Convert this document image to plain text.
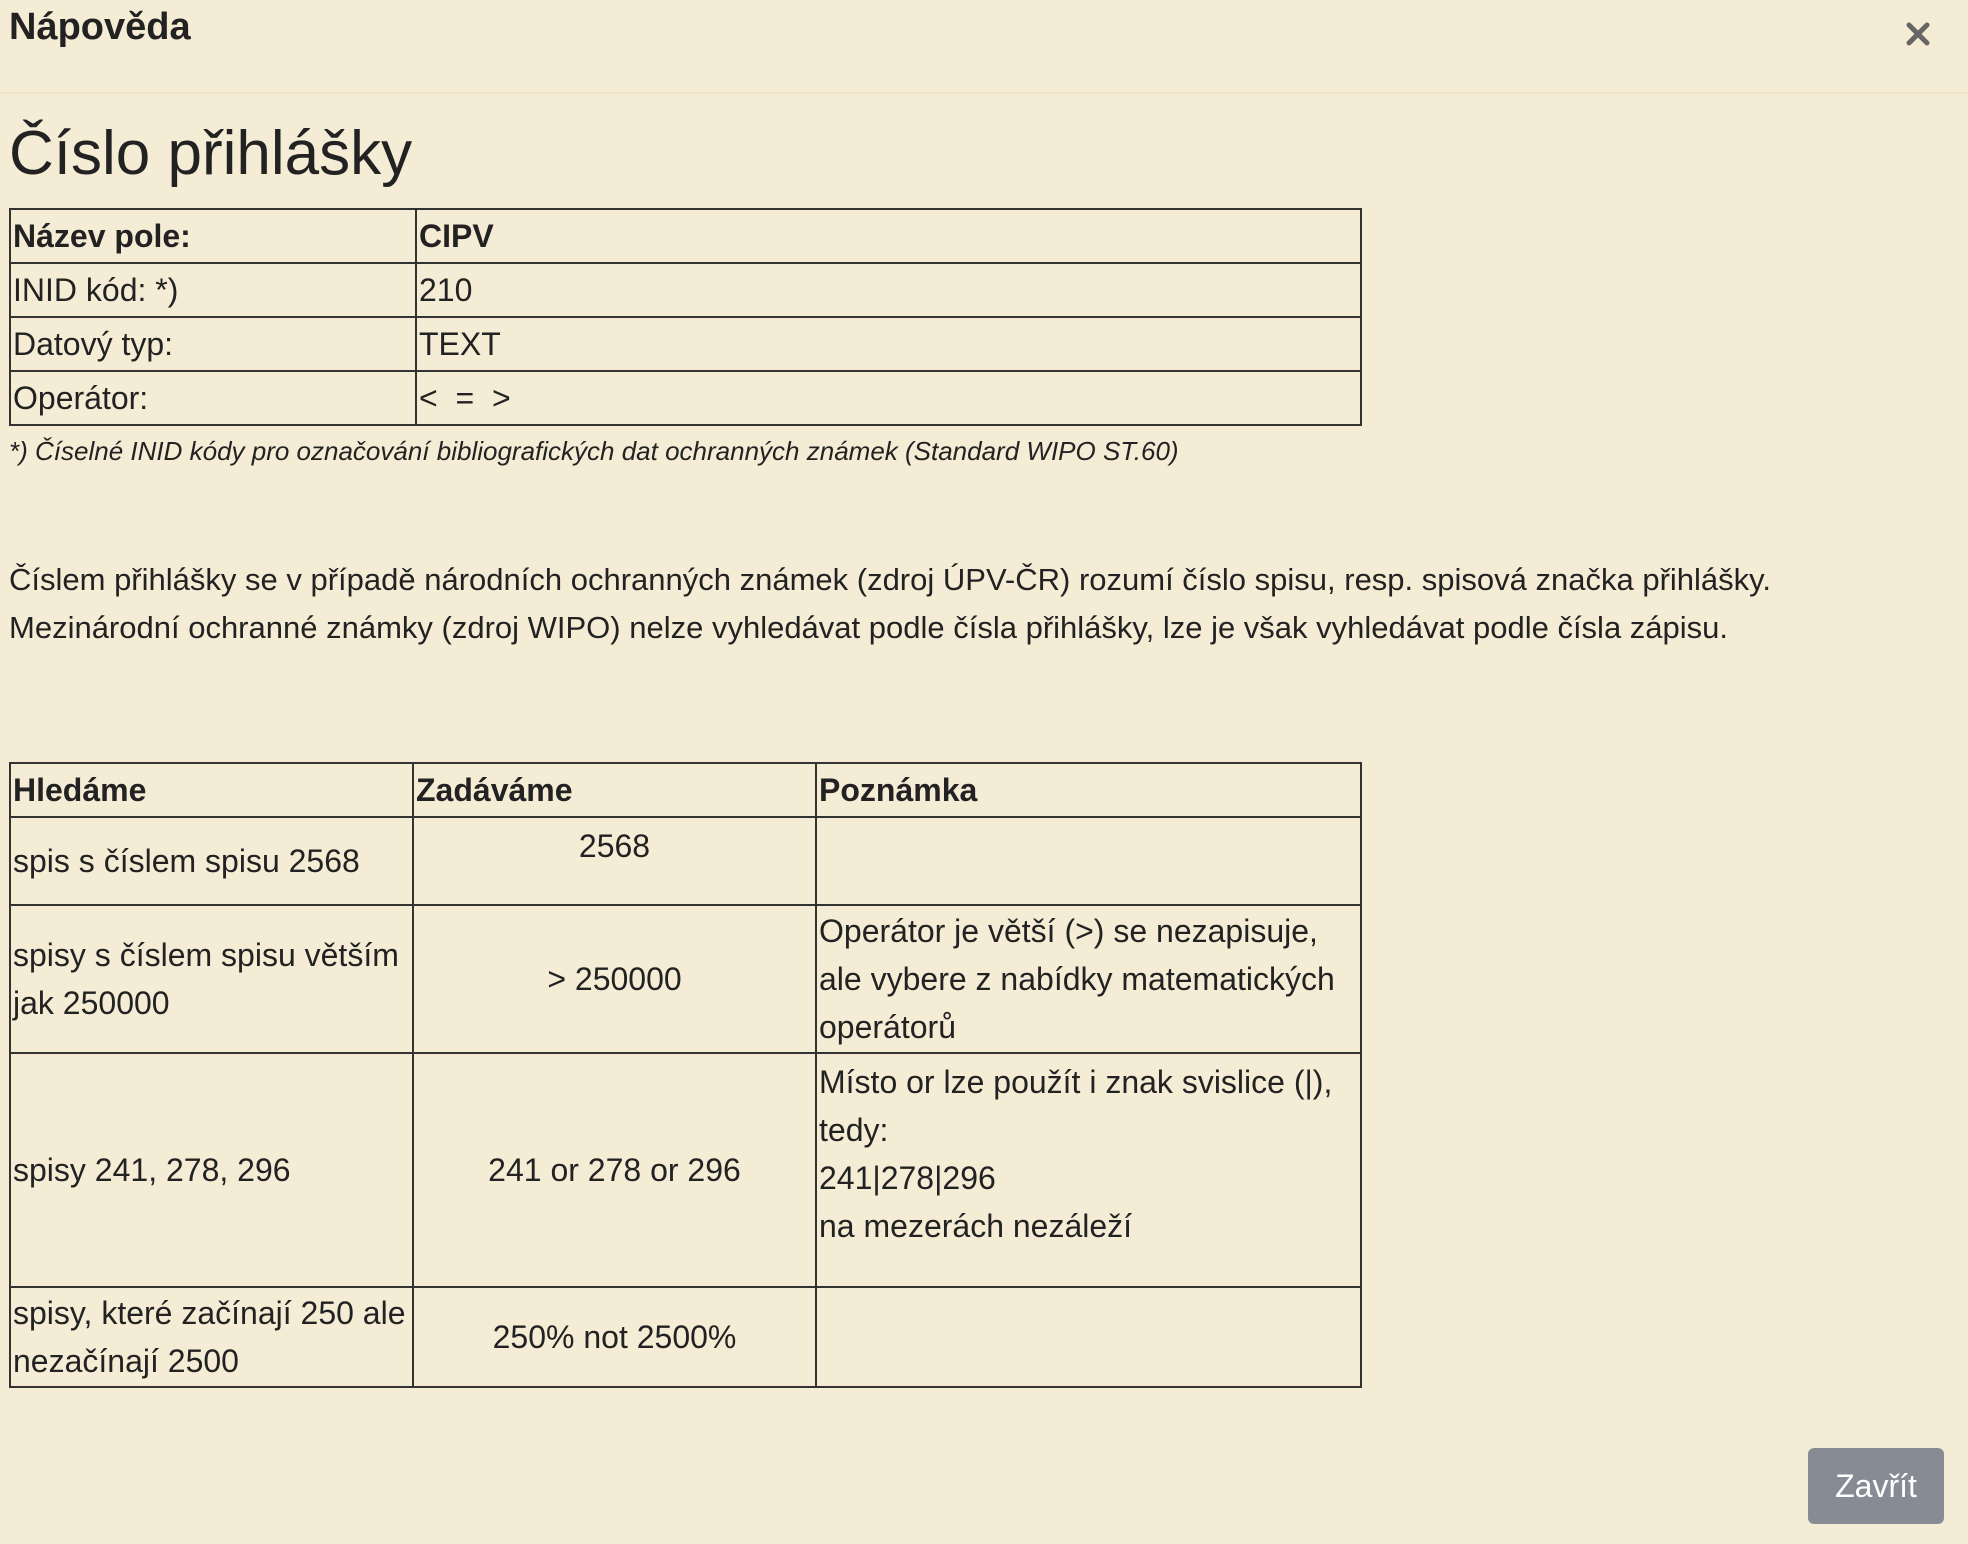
Nápověda
Číslo přihlášky
Název pole:	CIPV
INID kód: *)	210
Datový typ:	TEXT
Operátor:	<  =  >
*) Číselné INID kódy pro označování bibliografických dat ochranných známek (Standard WIPO ST.60)

Číslem přihlášky se v případě národních ochranných známek (zdroj ÚPV-ČR) rozumí číslo spisu, resp. spisová značka přihlášky.
Mezinárodní ochranné známky (zdroj WIPO) nelze vyhledávat podle čísla přihlášky, lze je však vyhledávat podle čísla zápisu.

Hledáme	Zadáváme	Poznámka
spis s číslem spisu 2568	2568	
spisy s číslem spisu větším jak 250000	> 250000	Operátor je větší (>) se nezapisuje,
ale vybere z nabídky matematických
operátorů

spisy 241, 278, 296	241 or 278 or 296	Místo or lze použít i znak svislice (|),
tedy:
241|278|296
na mezerách nezáleží

spisy, které začínají 250 ale nezačínají 2500	250% not 2500%	
Zavřít
